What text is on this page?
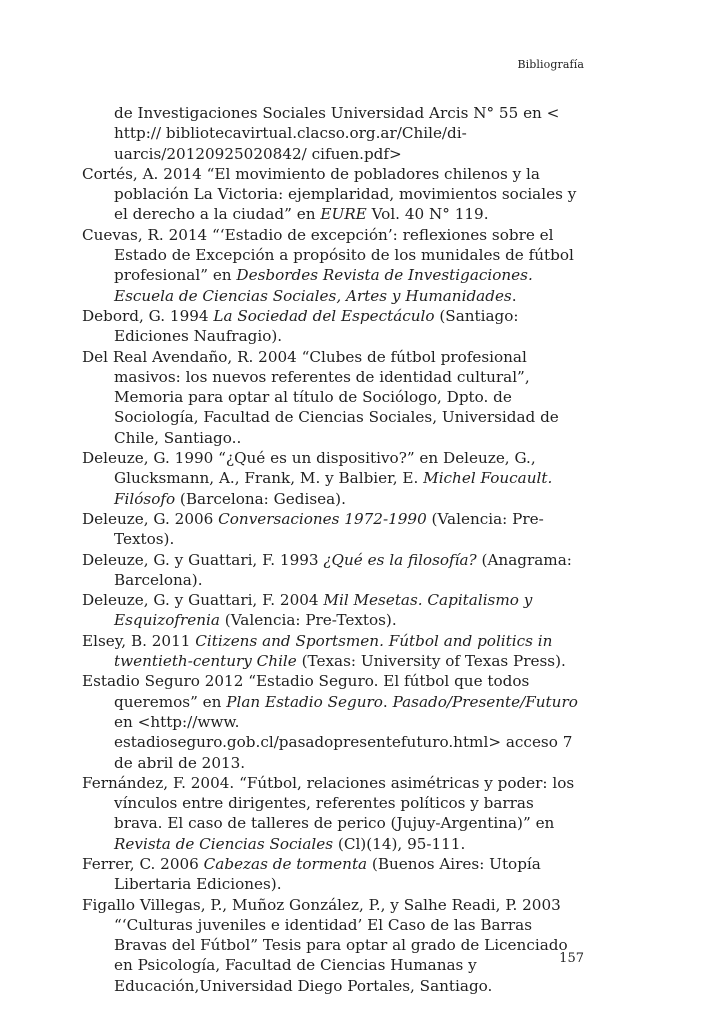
Bibliografía

de Investigaciones Sociales Universidad Arcis N° 55 en < http:// bibliotecavirtual.clacso.org.ar/Chile/di-uarcis/20120925020842/ cifuen.pdf>

Cortés, A. 2014 “El movimiento de pobladores chilenos y la población La Victoria: ejemplaridad, movimientos sociales y el derecho a la ciudad” en EURE Vol. 40 N° 119.

Cuevas, R. 2014 “‘Estadio de excepción’: reflexiones sobre el Estado de Excepción a propósito de los munidales de fútbol profesional” en Desbordes Revista de Investigaciones. Escuela de Ciencias Sociales, Artes y Humanidades.

Debord, G. 1994 La Sociedad del Espectáculo (Santiago: Ediciones Naufragio).

Del Real Avendaño, R. 2004 “Clubes de fútbol profesional masivos: los nuevos referentes de identidad cultural”, Memoria para optar al título de Sociólogo, Dpto. de Sociología, Facultad de Ciencias Sociales, Universidad de Chile, Santiago..

Deleuze, G. 1990 “¿Qué es un dispositivo?” en Deleuze, G., Glucksmann, A., Frank, M. y Balbier, E. Michel Foucault. Filósofo (Barcelona: Gedisea).

Deleuze, G. 2006 Conversaciones 1972-1990 (Valencia: Pre-Textos).

Deleuze, G. y Guattari, F. 1993 ¿Qué es la filosofía? (Anagrama: Barcelona).

Deleuze, G. y Guattari, F. 2004 Mil Mesetas. Capitalismo y Esquizofrenia (Valencia: Pre-Textos).

Elsey, B. 2011 Citizens and Sportsmen. Fútbol and politics in twentieth-century Chile (Texas: University of Texas Press).

Estadio Seguro 2012 “Estadio Seguro. El fútbol que todos queremos” en Plan Estadio Seguro. Pasado/Presente/Futuro en <http://www. estadioseguro.gob.cl/pasadopresentefuturo.html> acceso 7 de abril de 2013.

Fernández, F. 2004. “Fútbol, relaciones asimétricas y poder: los vínculos entre dirigentes, referentes políticos y barras brava. El caso de talleres de perico (Jujuy-Argentina)” en Revista de Ciencias Sociales (Cl)(14), 95-111.

Ferrer, C. 2006 Cabezas de tormenta (Buenos Aires: Utopía Libertaria Ediciones).

Figallo Villegas, P., Muñoz González, P., y Salhe Readi, P. 2003 “‘Culturas juveniles e identidad’ El Caso de las Barras Bravas del Fútbol” Tesis para optar al grado de Licenciado en Psicología, Facultad de Ciencias Humanas y Educación,Universidad Diego Portales, Santiago.

157
